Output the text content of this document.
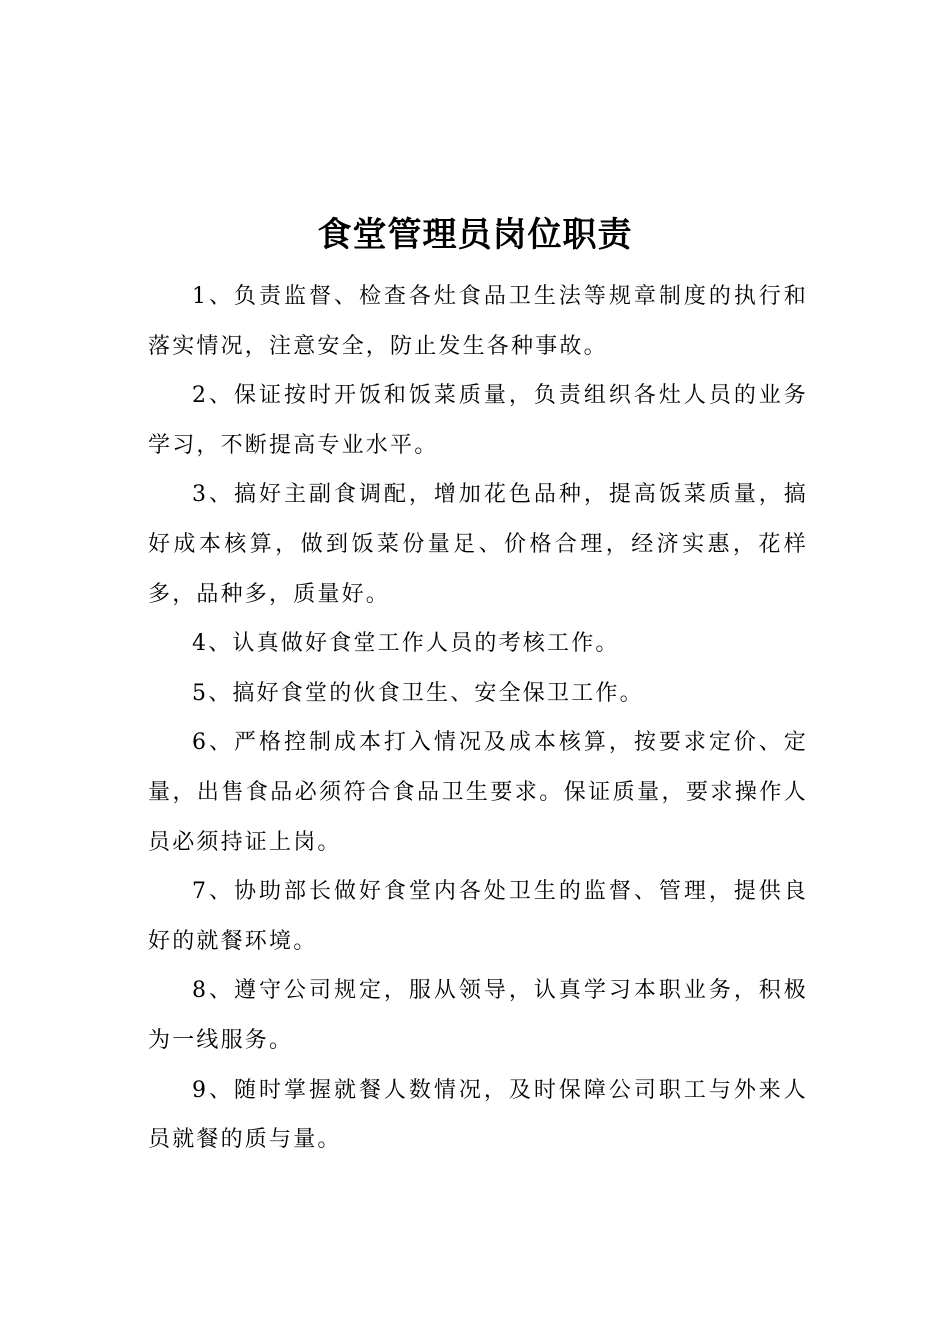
食堂管理员岗位职责

1、负责监督、检查各灶食品卫生法等规章制度的执行和落实情况，注意安全，防止发生各种事故。

2、保证按时开饭和饭菜质量，负责组织各灶人员的业务学习，不断提高专业水平。

3、搞好主副食调配，增加花色品种，提高饭菜质量，搞好成本核算，做到饭菜份量足、价格合理，经济实惠，花样多，品种多，质量好。

4、认真做好食堂工作人员的考核工作。

5、搞好食堂的伙食卫生、安全保卫工作。

6、严格控制成本打入情况及成本核算，按要求定价、定量，出售食品必须符合食品卫生要求。保证质量，要求操作人员必须持证上岗。

7、协助部长做好食堂内各处卫生的监督、管理，提供良好的就餐环境。

8、遵守公司规定，服从领导，认真学习本职业务，积极为一线服务。

9、随时掌握就餐人数情况，及时保障公司职工与外来人员就餐的质与量。
